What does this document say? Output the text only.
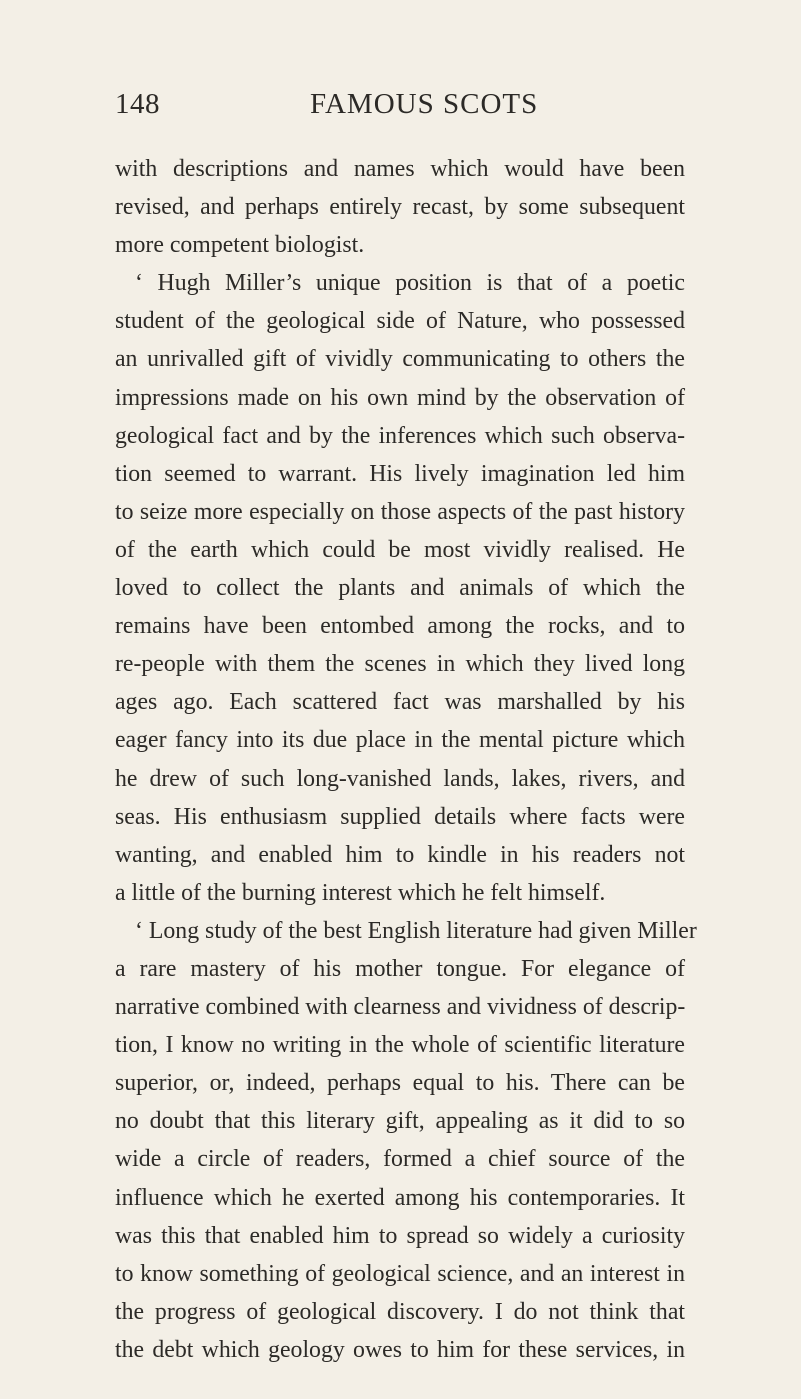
148	FAMOUS SCOTS
with descriptions and names which would have been
revised, and perhaps entirely recast, by some subsequent
more competent biologist.
‘ Hugh Miller’s unique position is that of a poetic
student of the geological side of Nature, who possessed
an unrivalled gift of vividly communicating to others the
impressions made on his own mind by the observation of
geological fact and by the inferences which such observa-
tion seemed to warrant. His lively imagination led him
to seize more especially on those aspects of the past history
of the earth which could be most vividly realised. He
loved to collect the plants and animals of which the
remains have been entombed among the rocks, and to
re-people with them the scenes in which they lived long
ages ago. Each scattered fact was marshalled by his
eager fancy into its due place in the mental picture which
he drew of such long-vanished lands, lakes, rivers, and
seas. His enthusiasm supplied details where facts were
wanting, and enabled him to kindle in his readers not
a little of the burning interest which he felt himself.
‘ Long study of the best English literature had given Miller
a rare mastery of his mother tongue. For elegance of
narrative combined with clearness and vividness of descrip-
tion, I know no writing in the whole of scientific literature
superior, or, indeed, perhaps equal to his. There can be
no doubt that this literary gift, appealing as it did to so
wide a circle of readers, formed a chief source of the
influence which he exerted among his contemporaries. It
was this that enabled him to spread so widely a curiosity
to know something of geological science, and an interest in
the progress of geological discovery. I do not think that
the debt which geology owes to him for these services, in
